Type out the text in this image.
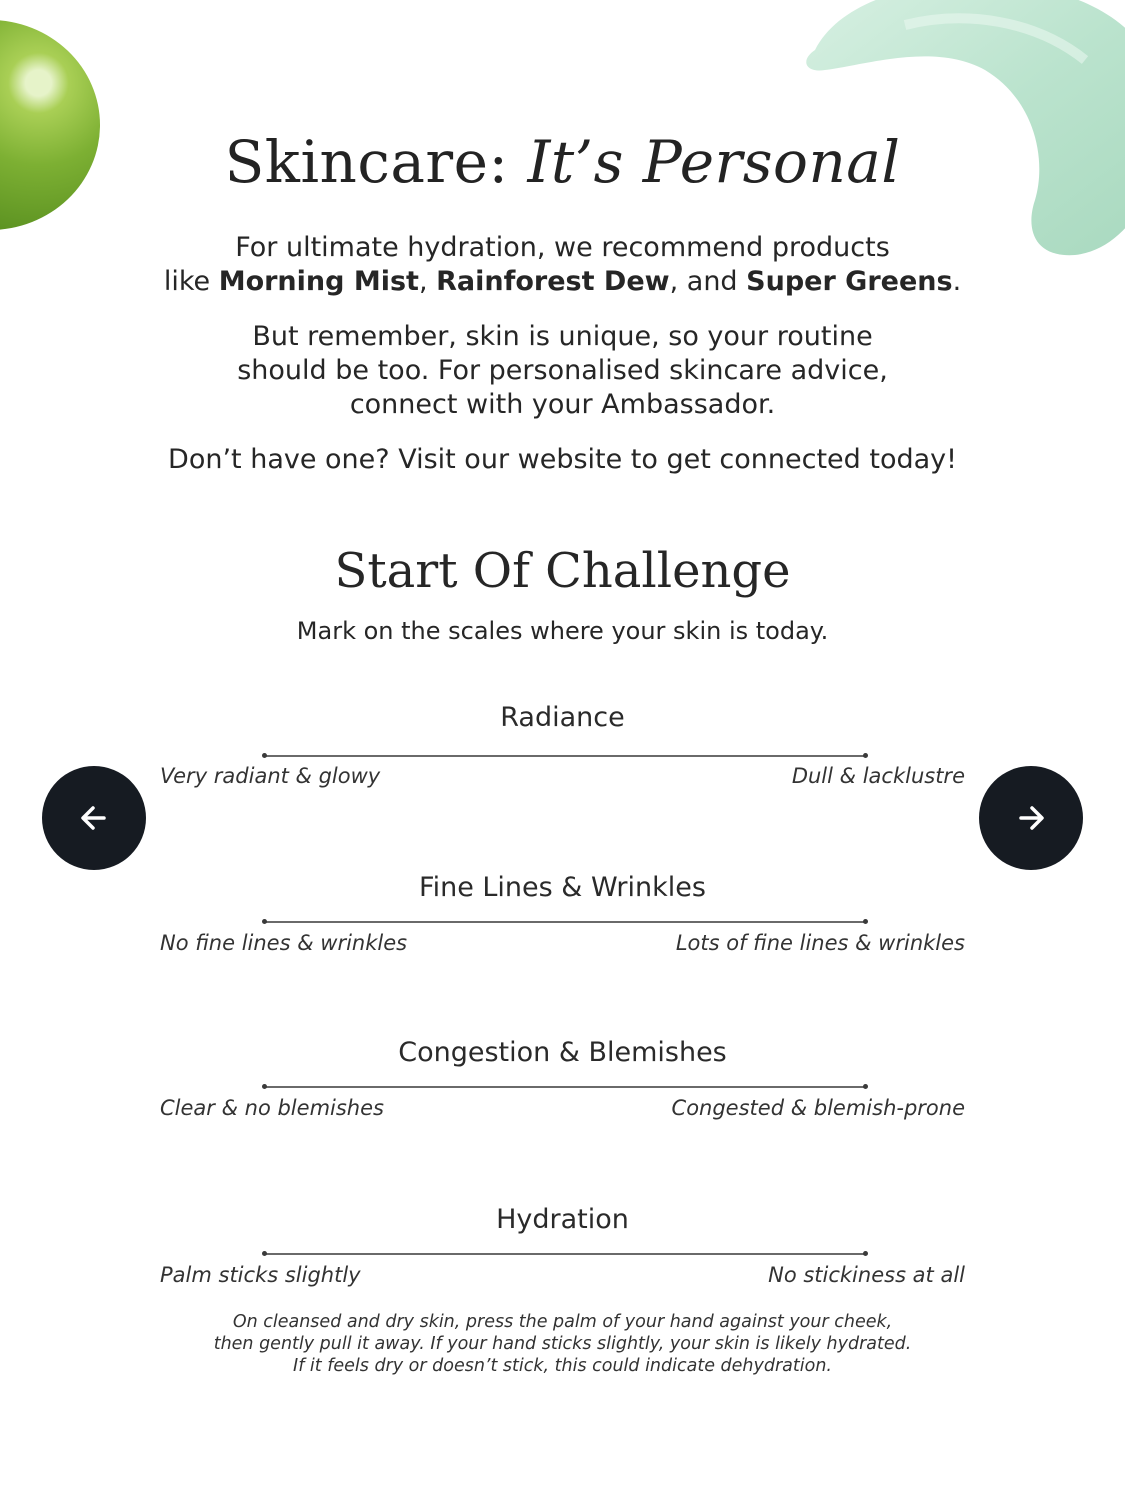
Skincare: It’s Personal

For ultimate hydration, we recommend products
like Morning Mist, Rainforest Dew, and Super Greens.

But remember, skin is unique, so your routine
should be too. For personalised skincare advice,
connect with your Ambassador.

Don’t have one? Visit our website to get connected today!

Start Of Challenge

Mark on the scales where your skin is today.

Radiance

Very radiant & glowy	Dull & lacklustre

Fine Lines & Wrinkles

No fine lines & wrinkles	Lots of fine lines & wrinkles

Congestion & Blemishes

Clear & no blemishes	Congested & blemish-prone

Hydration

Palm sticks slightly	No stickiness at all

On cleansed and dry skin, press the palm of your hand against your cheek,
then gently pull it away. If your hand sticks slightly, your skin is likely hydrated.
If it feels dry or doesn’t stick, this could indicate dehydration.
